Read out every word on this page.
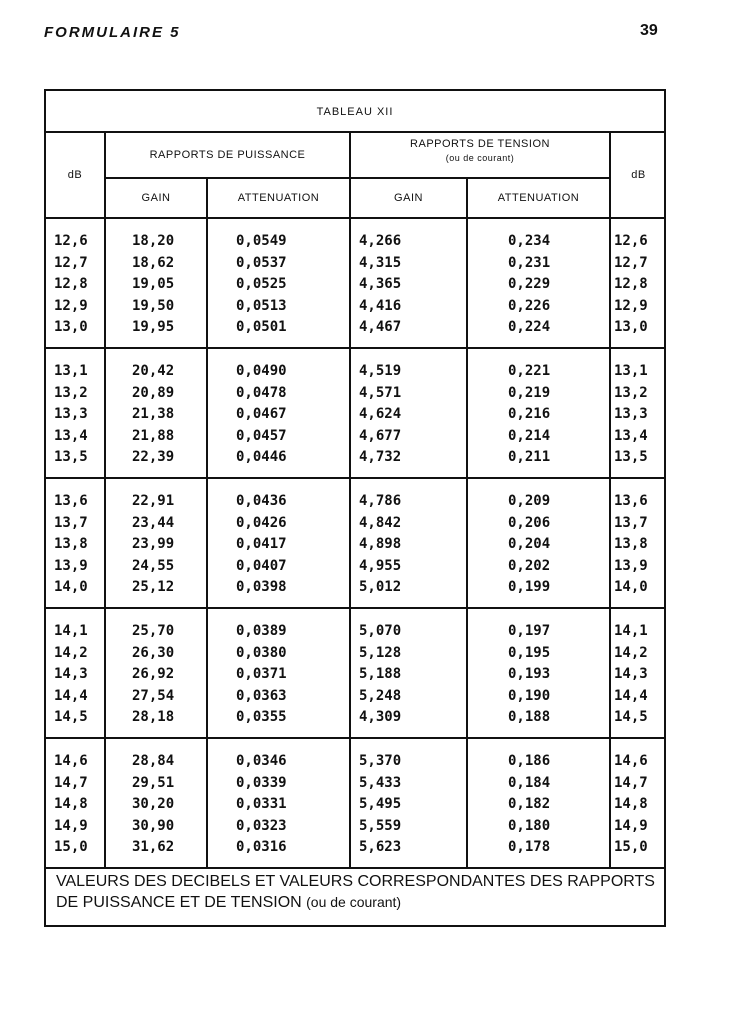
FORMULAIRE 5	39
TABLEAU XII
dB
RAPPORTS DE PUISSANCE
RAPPORTS DE TENSION
(ou de courant)
dB
GAIN	ATTENUATION	GAIN	ATTENUATION
12,6	18,20	0,0549	4,266	0,234	12,6
12,7	18,62	0,0537	4,315	0,231	12,7
12,8	19,05	0,0525	4,365	0,229	12,8
12,9	19,50	0,0513	4,416	0,226	12,9
13,0	19,95	0,0501	4,467	0,224	13,0
13,1	20,42	0,0490	4,519	0,221	13,1
13,2	20,89	0,0478	4,571	0,219	13,2
13,3	21,38	0,0467	4,624	0,216	13,3
13,4	21,88	0,0457	4,677	0,214	13,4
13,5	22,39	0,0446	4,732	0,211	13,5
13,6	22,91	0,0436	4,786	0,209	13,6
13,7	23,44	0,0426	4,842	0,206	13,7
13,8	23,99	0,0417	4,898	0,204	13,8
13,9	24,55	0,0407	4,955	0,202	13,9
14,0	25,12	0,0398	5,012	0,199	14,0
14,1	25,70	0,0389	5,070	0,197	14,1
14,2	26,30	0,0380	5,128	0,195	14,2
14,3	26,92	0,0371	5,188	0,193	14,3
14,4	27,54	0,0363	5,248	0,190	14,4
14,5	28,18	0,0355	4,309	0,188	14,5
14,6	28,84	0,0346	5,370	0,186	14,6
14,7	29,51	0,0339	5,433	0,184	14,7
14,8	30,20	0,0331	5,495	0,182	14,8
14,9	30,90	0,0323	5,559	0,180	14,9
15,0	31,62	0,0316	5,623	0,178	15,0
VALEURS DES DECIBELS ET VALEURS CORRESPONDANTES DES RAPPORTS DE PUISSANCE ET DE TENSION (ou de courant)
